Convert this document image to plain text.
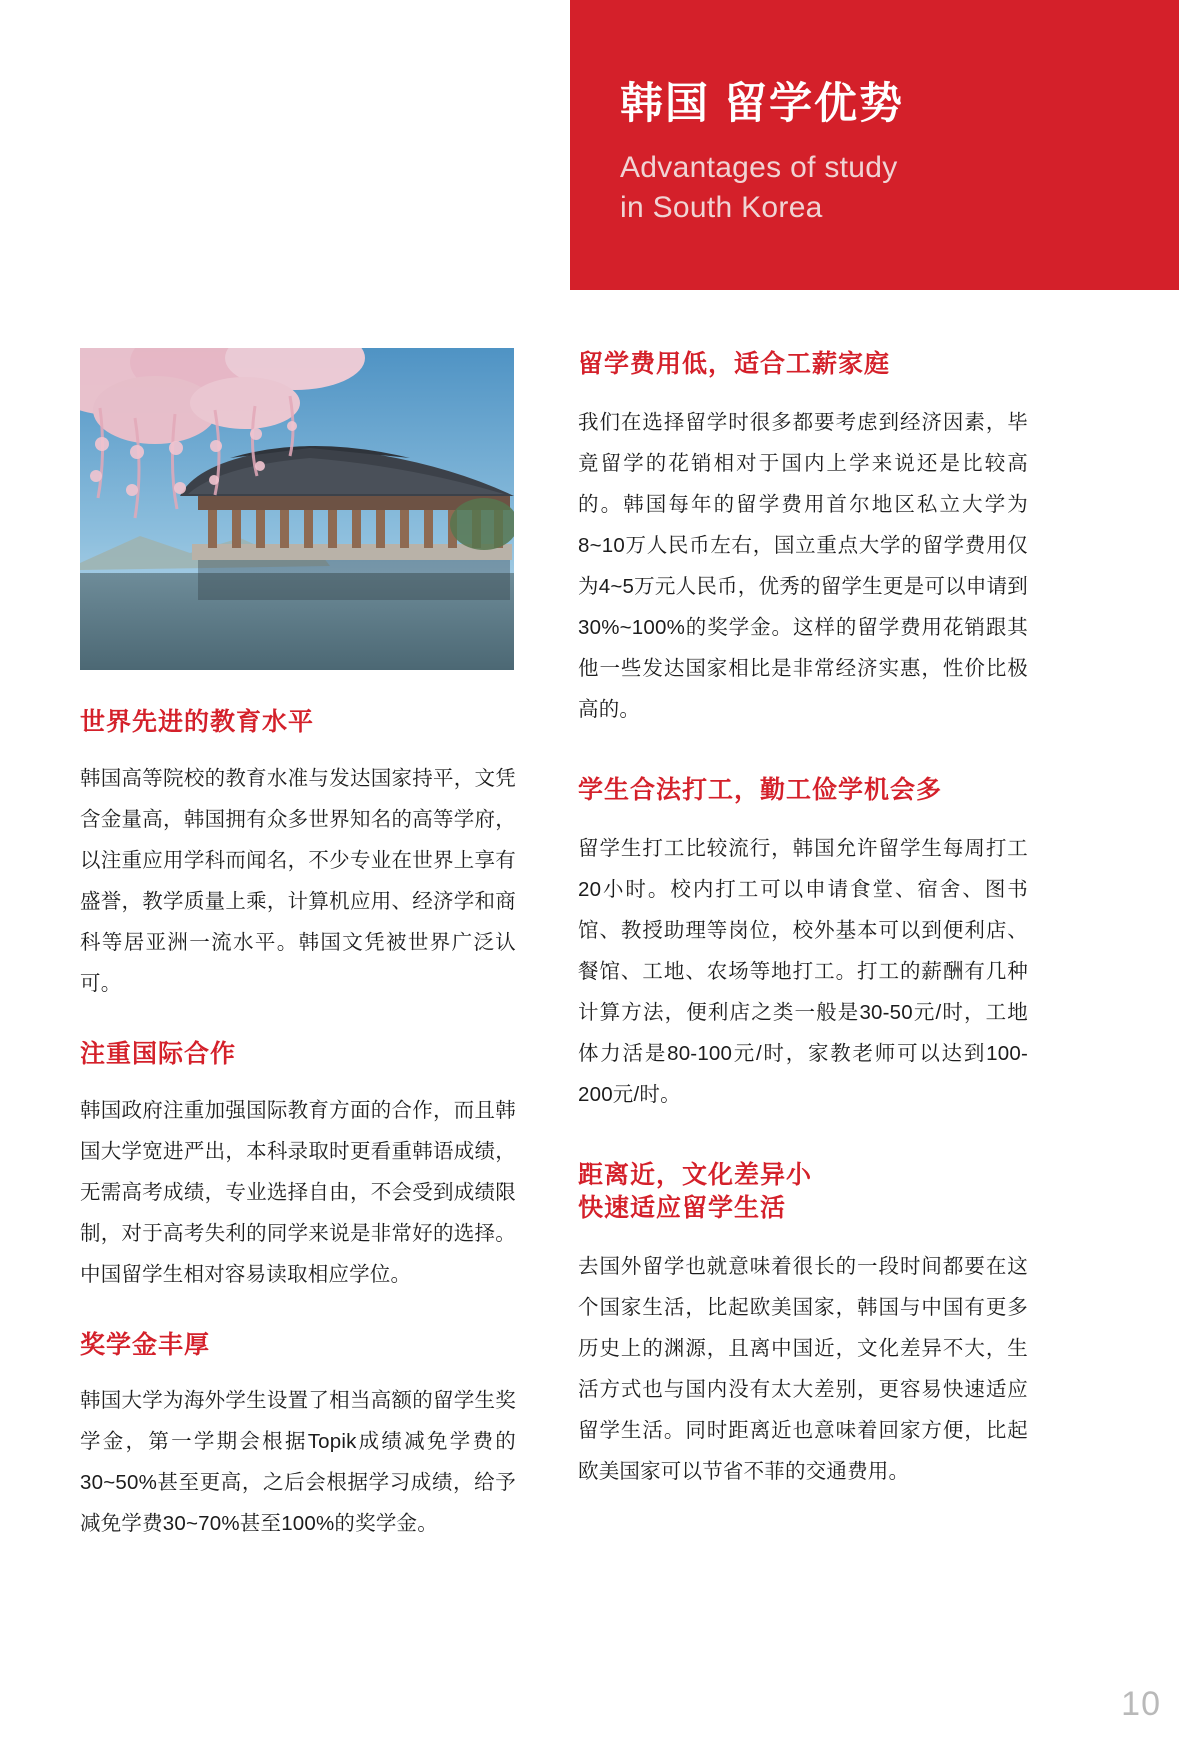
韩国 留学优势
Advantages of study
in South Korea
世界先进的教育水平

韩国高等院校的教育水准与发达国家持平，文凭含金量高，韩国拥有众多世界知名的高等学府，以注重应用学科而闻名，不少专业在世界上享有盛誉，教学质量上乘，计算机应用、经济学和商科等居亚洲一流水平。韩国文凭被世界广泛认可。

注重国际合作

韩国政府注重加强国际教育方面的合作，而且韩国大学宽进严出，本科录取时更看重韩语成绩，无需高考成绩，专业选择自由，不会受到成绩限制，对于高考失利的同学来说是非常好的选择。中国留学生相对容易读取相应学位。

奖学金丰厚

韩国大学为海外学生设置了相当高额的留学生奖学金，第一学期会根据Topik成绩减免学费的30~50%甚至更高，之后会根据学习成绩，给予减免学费30~70%甚至100%的奖学金。

留学费用低，适合工薪家庭

我们在选择留学时很多都要考虑到经济因素，毕竟留学的花销相对于国内上学来说还是比较高的。韩国每年的留学费用首尔地区私立大学为8~10万人民币左右，国立重点大学的留学费用仅为4~5万元人民币，优秀的留学生更是可以申请到30%~100%的奖学金。这样的留学费用花销跟其他一些发达国家相比是非常经济实惠，性价比极高的。

学生合法打工，勤工俭学机会多

留学生打工比较流行，韩国允许留学生每周打工20小时。校内打工可以申请食堂、宿舍、图书馆、教授助理等岗位，校外基本可以到便利店、餐馆、工地、农场等地打工。打工的薪酬有几种计算方法，便利店之类一般是30-50元/时，工地体力活是80-100元/时，家教老师可以达到100-200元/时。

距离近，文化差异小
快速适应留学生活

去国外留学也就意味着很长的一段时间都要在这个国家生活，比起欧美国家，韩国与中国有更多历史上的渊源，且离中国近，文化差异不大，生活方式也与国内没有太大差别，更容易快速适应留学生活。同时距离近也意味着回家方便，比起欧美国家可以节省不菲的交通费用。

10
